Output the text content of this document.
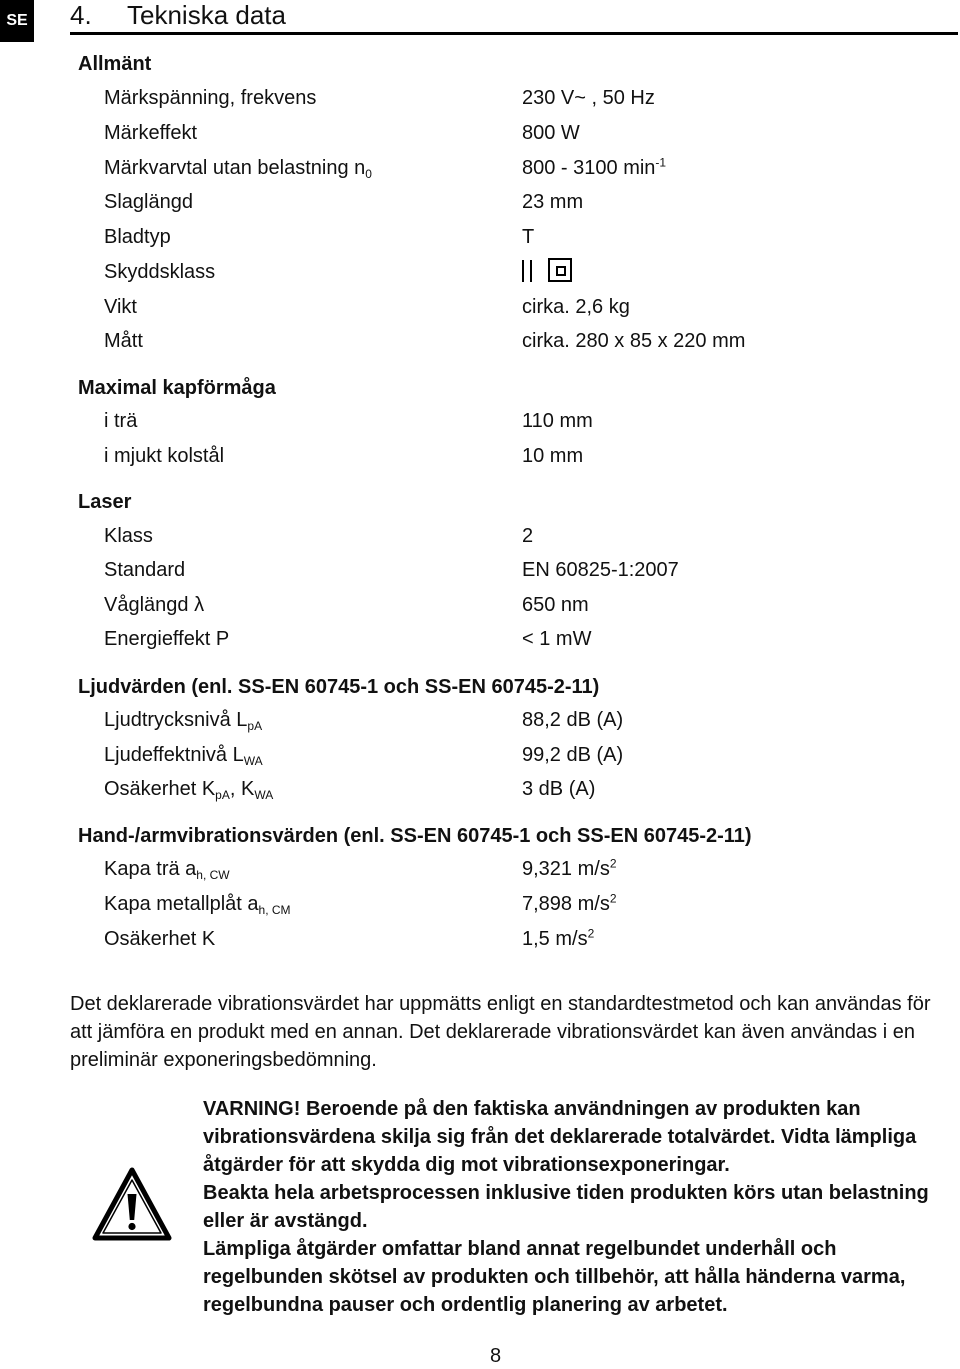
SE 4. Tekniska data
Allmänt
Märkspänning, frekvens	230 V~ , 50 Hz
Märkeffekt	800 W
Märkvarvtal utan belastning $n_0$	800 - 3100 $\min^{-1}$
Slaglängd	23 mm
Bladtyp	T
Skyddsklass
Vikt	cirka. 2,6 kg
Mått	cirka. 280 x 85 x 220 mm
Maximal kapförmåga
i trä	110 mm
i mjukt kolstål	10 mm
Laser
Klass	2
Standard	EN 60825-1:2007
Våglängd λ	650 nm
Energieffekt P	< 1 mW
Ljudvärden (enl. SS-EN 60745-1 och SS-EN 60745-2-11)
Ljudtrycksnivå $L_{pA}$	88,2 dB (A)
Ljudeffektnivå $L_{WA}$	99,2 dB (A)
Osäkerhet $K_{pA}$, $K_{WA}$	3 dB (A)
Hand-/armvibrationsvärden (enl. SS-EN 60745-1 och SS-EN 60745-2-11)
Kapa trä $a_{h, CW}$	9,321 $m/s^2$
Kapa metallplåt $a_{h, CM}$	7,898 $m/s^2$
Osäkerhet K	1,5 $m/s^2$
Det deklarerade vibrationsvärdet har uppmätts enligt en standardtestmetod och kan användas för att jämföra en produkt med en annan. Det deklarerade vibrationsvärdet kan även användas i en preliminär exponeringsbedömning.

VARNING! Beroende på den faktiska användningen av produkten kan vibrationsvärdena skilja sig från det deklarerade totalvärdet. Vidta lämpliga åtgärder för att skydda dig mot vibrationsexponeringar.

Beakta hela arbetsprocessen inklusive tiden produkten körs utan belastning eller är avstängd.

Lämpliga åtgärder omfattar bland annat regelbundet underhåll och regelbunden skötsel av produkten och tillbehör, att hålla händerna varma, regelbundna pauser och ordentlig planering av arbetet.

8
